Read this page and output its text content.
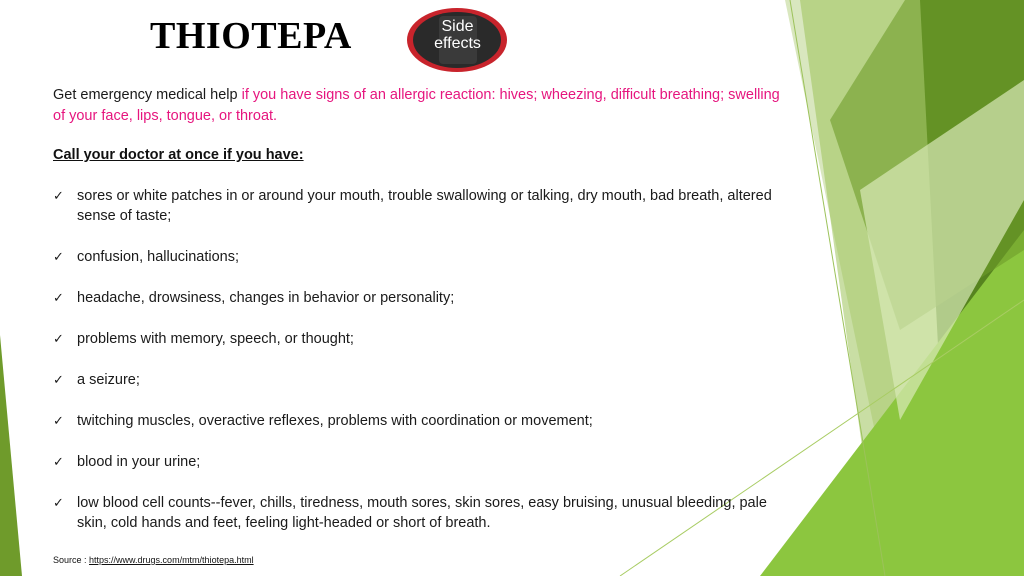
THIOTEPA	Side
effects
Get emergency medical help if you have signs of an allergic reaction: hives; wheezing, difficult breathing; swelling of your face, lips, tongue, or throat.
Call your doctor at once if you have:
✓ sores or white patches in or around your mouth, trouble swallowing or talking, dry mouth, bad breath, altered sense of taste;
✓ confusion, hallucinations;
✓ headache, drowsiness, changes in behavior or personality;
✓ problems with memory, speech, or thought;
✓ a seizure;
✓ twitching muscles, overactive reflexes, problems with coordination or movement;
✓ blood in your urine;
✓ low blood cell counts--fever, chills, tiredness, mouth sores, skin sores, easy bruising, unusual bleeding, pale skin, cold hands and feet, feeling light-headed or short of breath.
Source : https://www.drugs.com/mtm/thiotepa.html
